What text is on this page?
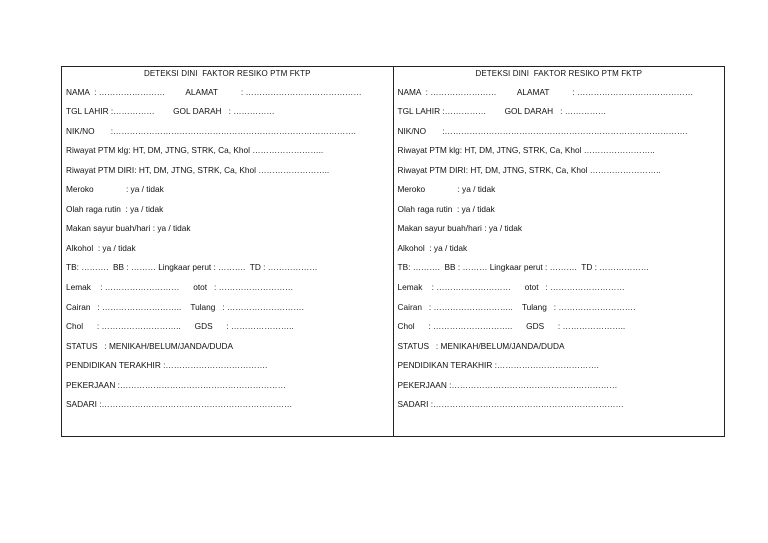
DETEKSI DINI  FAKTOR RESIKO PTM FKTP
NAMA  : ……………………         ALAMAT          : ……………………………………
TGL LAHIR :……………        GOL DARAH   : ……………
NIK/NO       :…………………………………………………………………………….
Riwayat PTM klg: HT, DM, JTNG, STRK, Ca, Khol ……………………..
Riwayat PTM DIRI: HT, DM, JTNG, STRK, Ca, Khol ……………………..
Meroko              : ya / tidak
Olah raga rutin  : ya / tidak
Makan sayur buah/hari : ya / tidak
Alkohol  : ya / tidak
TB: ……….  BB : ……… Lingkaar perut : ……….  TD : ………………
Lemak    : ………………………      otot   : ………………………
Cairan   : ………………………..    Tulang   : ……………………….
Chol      : ………………………..      GDS      : …………………..
STATUS   : MENIKAH/BELUM/JANDA/DUDA
PENDIDIKAN TERAKHIR :……………………………….
PEKERJAAN :……………………………………………………
SADARI :……………………………………………………………
DETEKSI DINI  FAKTOR RESIKO PTM FKTP
NAMA  : ……………………         ALAMAT          : ……………………………………
TGL LAHIR :……………        GOL DARAH   : ……………
NIK/NO       :…………………………………………………………………………….
Riwayat PTM klg: HT, DM, JTNG, STRK, Ca, Khol ……………………..
Riwayat PTM DIRI: HT, DM, JTNG, STRK, Ca, Khol ……………………..
Meroko              : ya / tidak
Olah raga rutin  : ya / tidak
Makan sayur buah/hari : ya / tidak
Alkohol  : ya / tidak
TB: ……….  BB : ……… Lingkaar perut : ……….  TD : ………………
Lemak    : ………………………      otot   : ………………………
Cairan   : ………………………..    Tulang   : ……………………….
Chol      : ………………………..      GDS      : …………………..
STATUS   : MENIKAH/BELUM/JANDA/DUDA
PENDIDIKAN TERAKHIR :……………………………….
PEKERJAAN :……………………………………………………
SADARI :……………………………………………………………
